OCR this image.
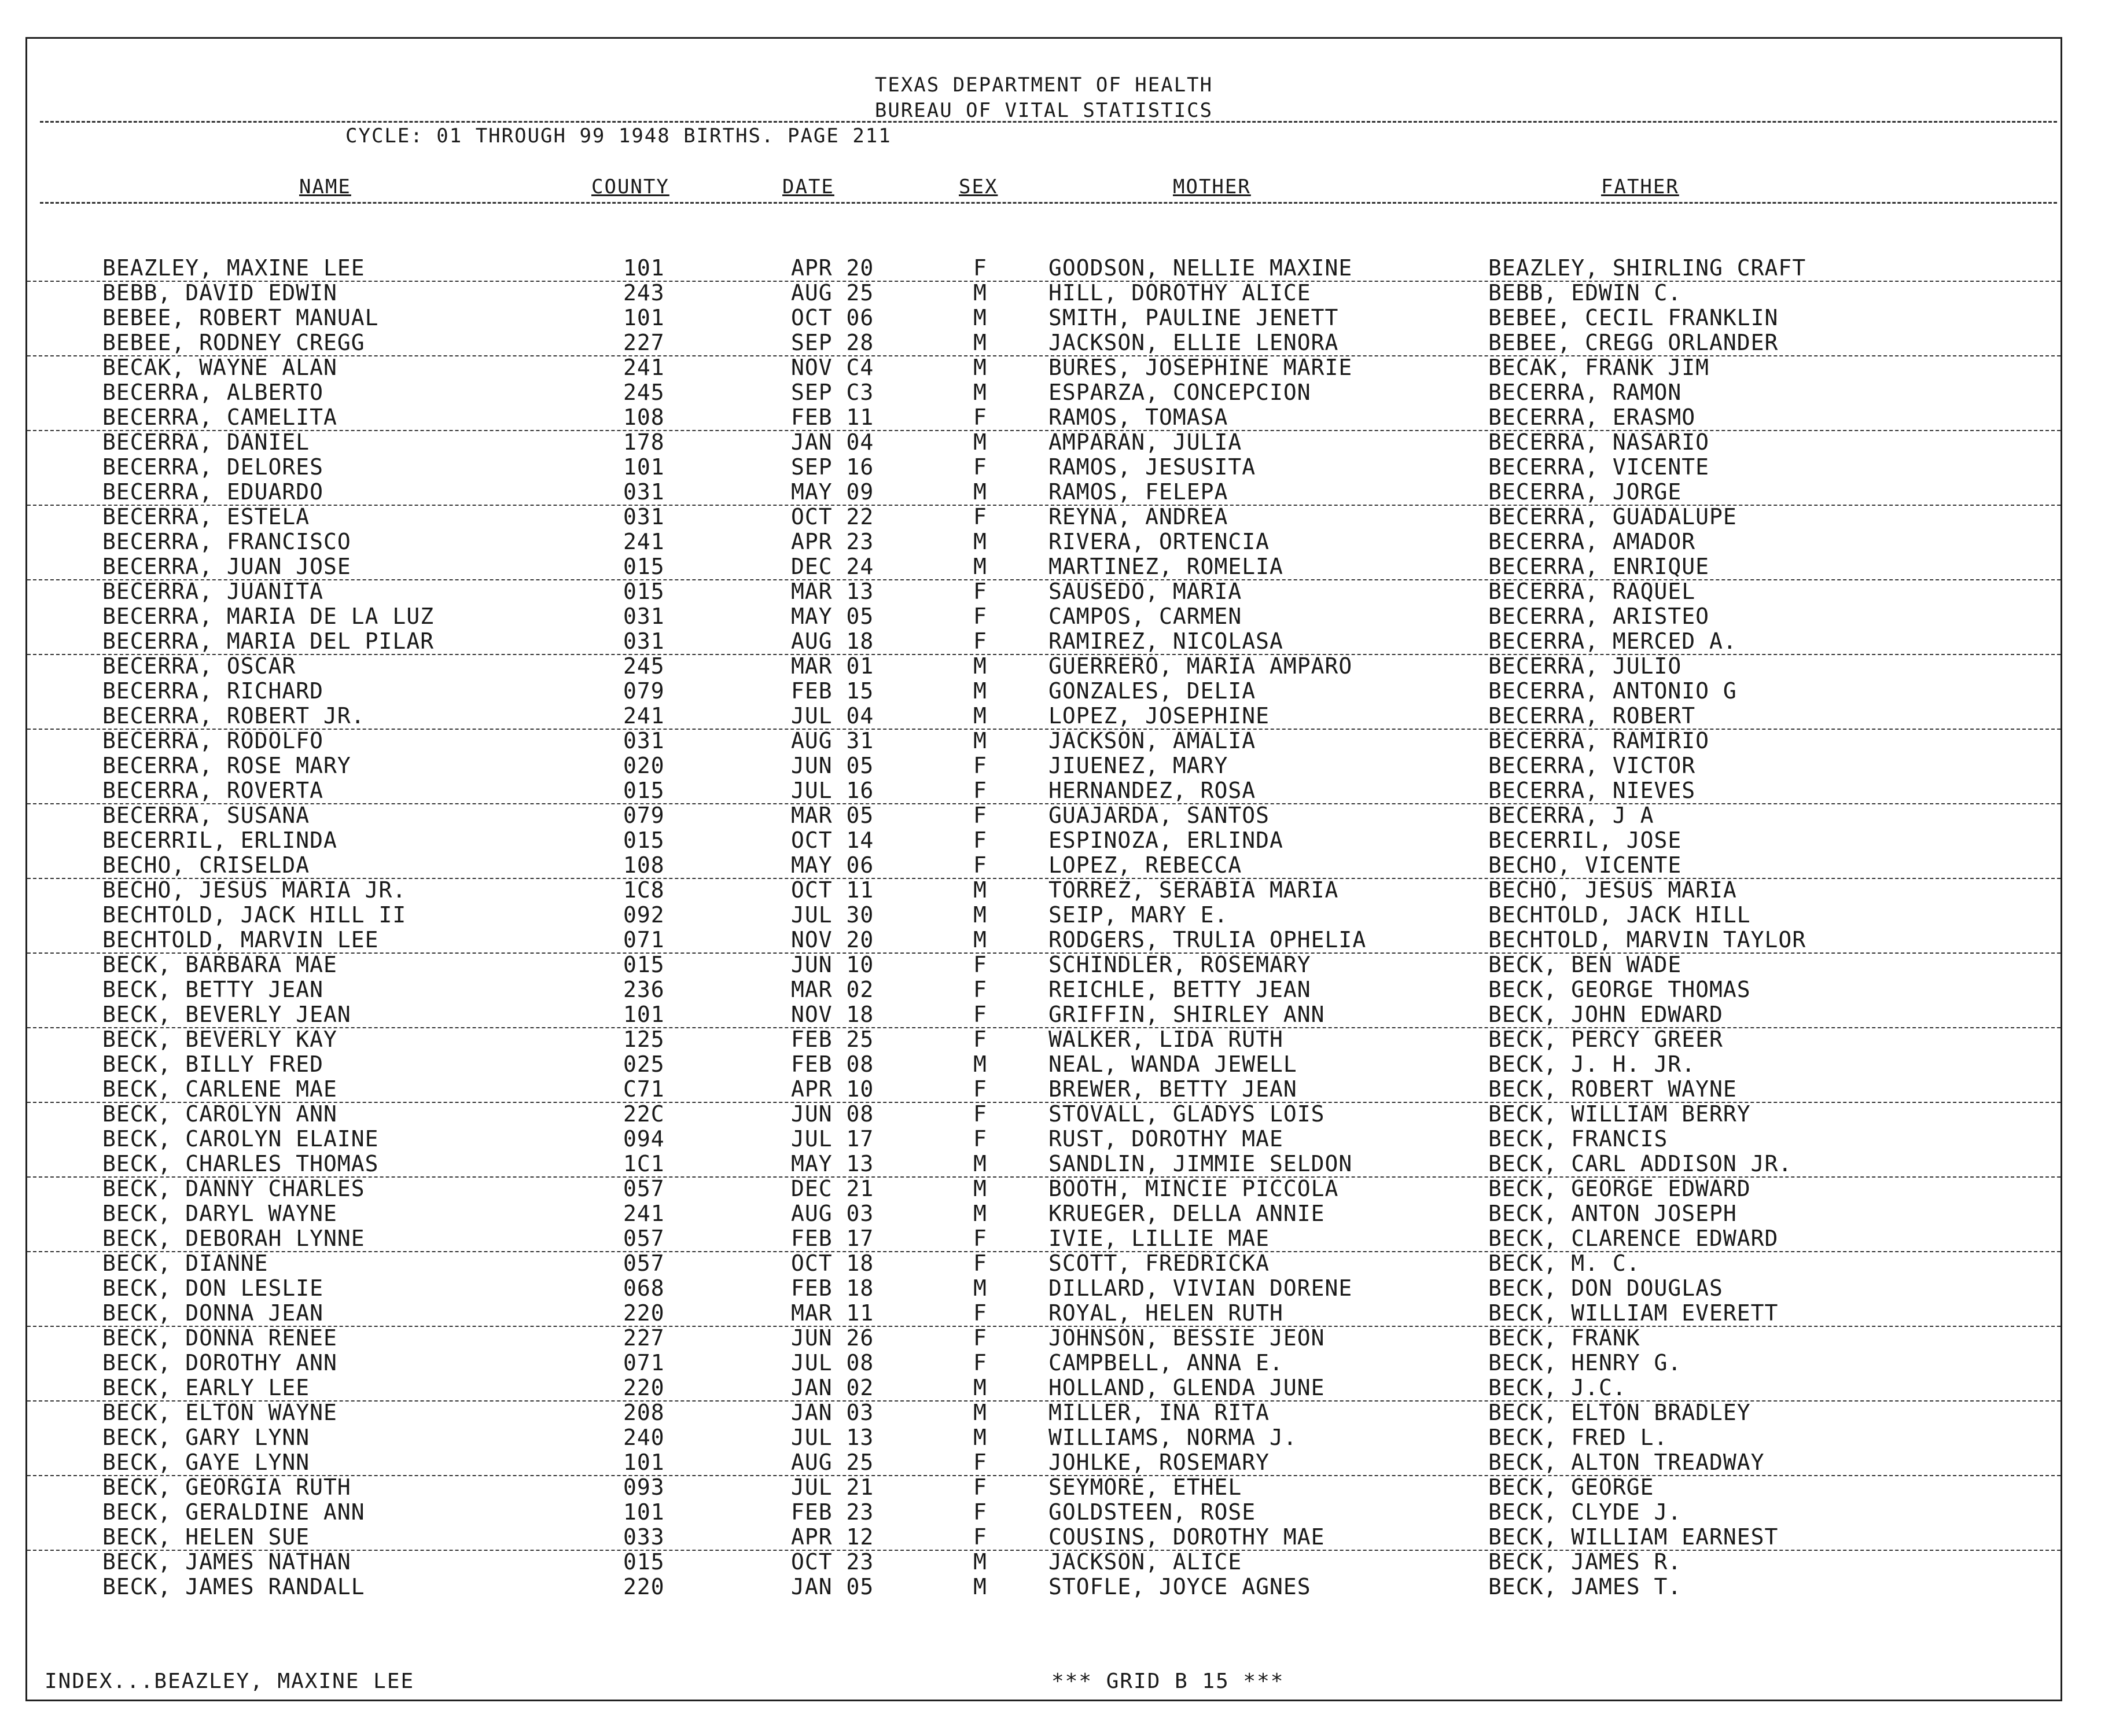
TEXAS DEPARTMENT OF HEALTH
BUREAU OF VITAL STATISTICS
CYCLE: 01 THROUGH 99 1948 BIRTHS. PAGE 211
NAME	COUNTY	DATE	SEX	MOTHER	FATHER
BEAZLEY, MAXINE LEE	101	APR 20	F	GOODSON, NELLIE MAXINE	BEAZLEY, SHIRLING CRAFT
BEBB, DAVID EDWIN	243	AUG 25	M	HILL, DOROTHY ALICE	BEBB, EDWIN C.
BEBEE, ROBERT MANUAL	101	OCT 06	M	SMITH, PAULINE JENETT	BEBEE, CECIL FRANKLIN
BEBEE, RODNEY CREGG	227	SEP 28	M	JACKSON, ELLIE LENORA	BEBEE, CREGG ORLANDER
BECAK, WAYNE ALAN	241	NOV C4	M	BURES, JOSEPHINE MARIE	BECAK, FRANK JIM
BECERRA, ALBERTO	245	SEP C3	M	ESPARZA, CONCEPCION	BECERRA, RAMON
BECERRA, CAMELITA	108	FEB 11	F	RAMOS, TOMASA	BECERRA, ERASMO
BECERRA, DANIEL	178	JAN 04	M	AMPARAN, JULIA	BECERRA, NASARIO
BECERRA, DELORES	101	SEP 16	F	RAMOS, JESUSITA	BECERRA, VICENTE
BECERRA, EDUARDO	031	MAY 09	M	RAMOS, FELEPA	BECERRA, JORGE
BECERRA, ESTELA	031	OCT 22	F	REYNA, ANDREA	BECERRA, GUADALUPE
BECERRA, FRANCISCO	241	APR 23	M	RIVERA, ORTENCIA	BECERRA, AMADOR
BECERRA, JUAN JOSE	015	DEC 24	M	MARTINEZ, ROMELIA	BECERRA, ENRIQUE
BECERRA, JUANITA	015	MAR 13	F	SAUSEDO, MARIA	BECERRA, RAQUEL
BECERRA, MARIA DE LA LUZ	031	MAY 05	F	CAMPOS, CARMEN	BECERRA, ARISTEO
BECERRA, MARIA DEL PILAR	031	AUG 18	F	RAMIREZ, NICOLASA	BECERRA, MERCED A.
BECERRA, OSCAR	245	MAR 01	M	GUERRERO, MARIA AMPARO	BECERRA, JULIO
BECERRA, RICHARD	079	FEB 15	M	GONZALES, DELIA	BECERRA, ANTONIO G
BECERRA, ROBERT JR.	241	JUL 04	M	LOPEZ, JOSEPHINE	BECERRA, ROBERT
BECERRA, RODOLFO	031	AUG 31	M	JACKSON, AMALIA	BECERRA, RAMIRIO
BECERRA, ROSE MARY	020	JUN 05	F	JIUENEZ, MARY	BECERRA, VICTOR
BECERRA, ROVERTA	015	JUL 16	F	HERNANDEZ, ROSA	BECERRA, NIEVES
BECERRA, SUSANA	079	MAR 05	F	GUAJARDA, SANTOS	BECERRA, J A
BECERRIL, ERLINDA	015	OCT 14	F	ESPINOZA, ERLINDA	BECERRIL, JOSE
BECHO, CRISELDA	108	MAY 06	F	LOPEZ, REBECCA	BECHO, VICENTE
BECHO, JESUS MARIA JR.	1C8	OCT 11	M	TORREZ, SERABIA MARIA	BECHO, JESUS MARIA
BECHTOLD, JACK HILL II	092	JUL 30	M	SEIP, MARY E.	BECHTOLD, JACK HILL
BECHTOLD, MARVIN LEE	071	NOV 20	M	RODGERS, TRULIA OPHELIA	BECHTOLD, MARVIN TAYLOR
BECK, BARBARA MAE	015	JUN 10	F	SCHINDLER, ROSEMARY	BECK, BEN WADE
BECK, BETTY JEAN	236	MAR 02	F	REICHLE, BETTY JEAN	BECK, GEORGE THOMAS
BECK, BEVERLY JEAN	101	NOV 18	F	GRIFFIN, SHIRLEY ANN	BECK, JOHN EDWARD
BECK, BEVERLY KAY	125	FEB 25	F	WALKER, LIDA RUTH	BECK, PERCY GREER
BECK, BILLY FRED	025	FEB 08	M	NEAL, WANDA JEWELL	BECK, J. H. JR.
BECK, CARLENE MAE	C71	APR 10	F	BREWER, BETTY JEAN	BECK, ROBERT WAYNE
BECK, CAROLYN ANN	22C	JUN 08	F	STOVALL, GLADYS LOIS	BECK, WILLIAM BERRY
BECK, CAROLYN ELAINE	094	JUL 17	F	RUST, DOROTHY MAE	BECK, FRANCIS
BECK, CHARLES THOMAS	1C1	MAY 13	M	SANDLIN, JIMMIE SELDON	BECK, CARL ADDISON JR.
BECK, DANNY CHARLES	057	DEC 21	M	BOOTH, MINCIE PICCOLA	BECK, GEORGE EDWARD
BECK, DARYL WAYNE	241	AUG 03	M	KRUEGER, DELLA ANNIE	BECK, ANTON JOSEPH
BECK, DEBORAH LYNNE	057	FEB 17	F	IVIE, LILLIE MAE	BECK, CLARENCE EDWARD
BECK, DIANNE	057	OCT 18	F	SCOTT, FREDRICKA	BECK, M. C.
BECK, DON LESLIE	068	FEB 18	M	DILLARD, VIVIAN DORENE	BECK, DON DOUGLAS
BECK, DONNA JEAN	220	MAR 11	F	ROYAL, HELEN RUTH	BECK, WILLIAM EVERETT
BECK, DONNA RENEE	227	JUN 26	F	JOHNSON, BESSIE JEON	BECK, FRANK
BECK, DOROTHY ANN	071	JUL 08	F	CAMPBELL, ANNA E.	BECK, HENRY G.
BECK, EARLY LEE	220	JAN 02	M	HOLLAND, GLENDA JUNE	BECK, J.C.
BECK, ELTON WAYNE	208	JAN 03	M	MILLER, INA RITA	BECK, ELTON BRADLEY
BECK, GARY LYNN	240	JUL 13	M	WILLIAMS, NORMA J.	BECK, FRED L.
BECK, GAYE LYNN	101	AUG 25	F	JOHLKE, ROSEMARY	BECK, ALTON TREADWAY
BECK, GEORGIA RUTH	093	JUL 21	F	SEYMORE, ETHEL	BECK, GEORGE
BECK, GERALDINE ANN	101	FEB 23	F	GOLDSTEEN, ROSE	BECK, CLYDE J.
BECK, HELEN SUE	033	APR 12	F	COUSINS, DOROTHY MAE	BECK, WILLIAM EARNEST
BECK, JAMES NATHAN	015	OCT 23	M	JACKSON, ALICE	BECK, JAMES R.
BECK, JAMES RANDALL	220	JAN 05	M	STOFLE, JOYCE AGNES	BECK, JAMES T.
INDEX...BEAZLEY, MAXINE LEE	*** GRID B 15 ***
